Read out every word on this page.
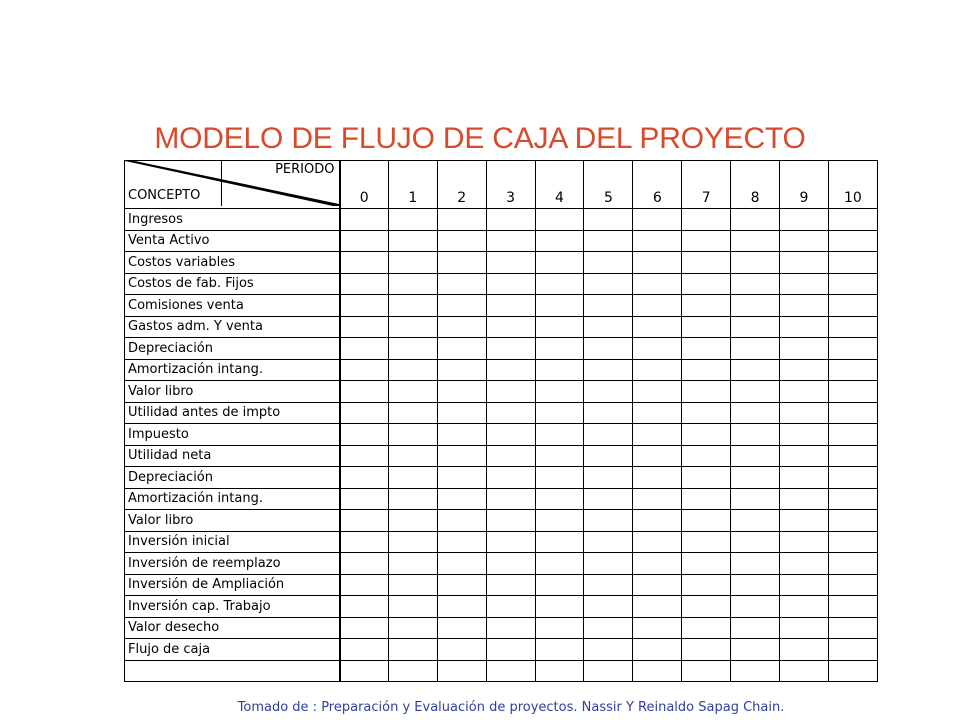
MODELO DE FLUJO DE CAJA DEL PROYECTO
PERIODO
CONCEPTO	0	1	2	3	4	5	6	7	8	9	10
Ingresos											
Venta Activo											
Costos variables											
Costos de fab. Fijos											
Comisiones venta											
Gastos adm. Y venta											
Depreciación											
Amortización intang.											
Valor libro											
Utilidad antes de impto											
Impuesto											
Utilidad neta											
Depreciación											
Amortización intang.											
Valor libro											
Inversión inicial											
Inversión de reemplazo											
Inversión de Ampliación											
Inversión cap. Trabajo											
Valor desecho											
Flujo de caja											

Tomado de : Preparación y Evaluación de proyectos. Nassir Y Reinaldo Sapag Chain.
